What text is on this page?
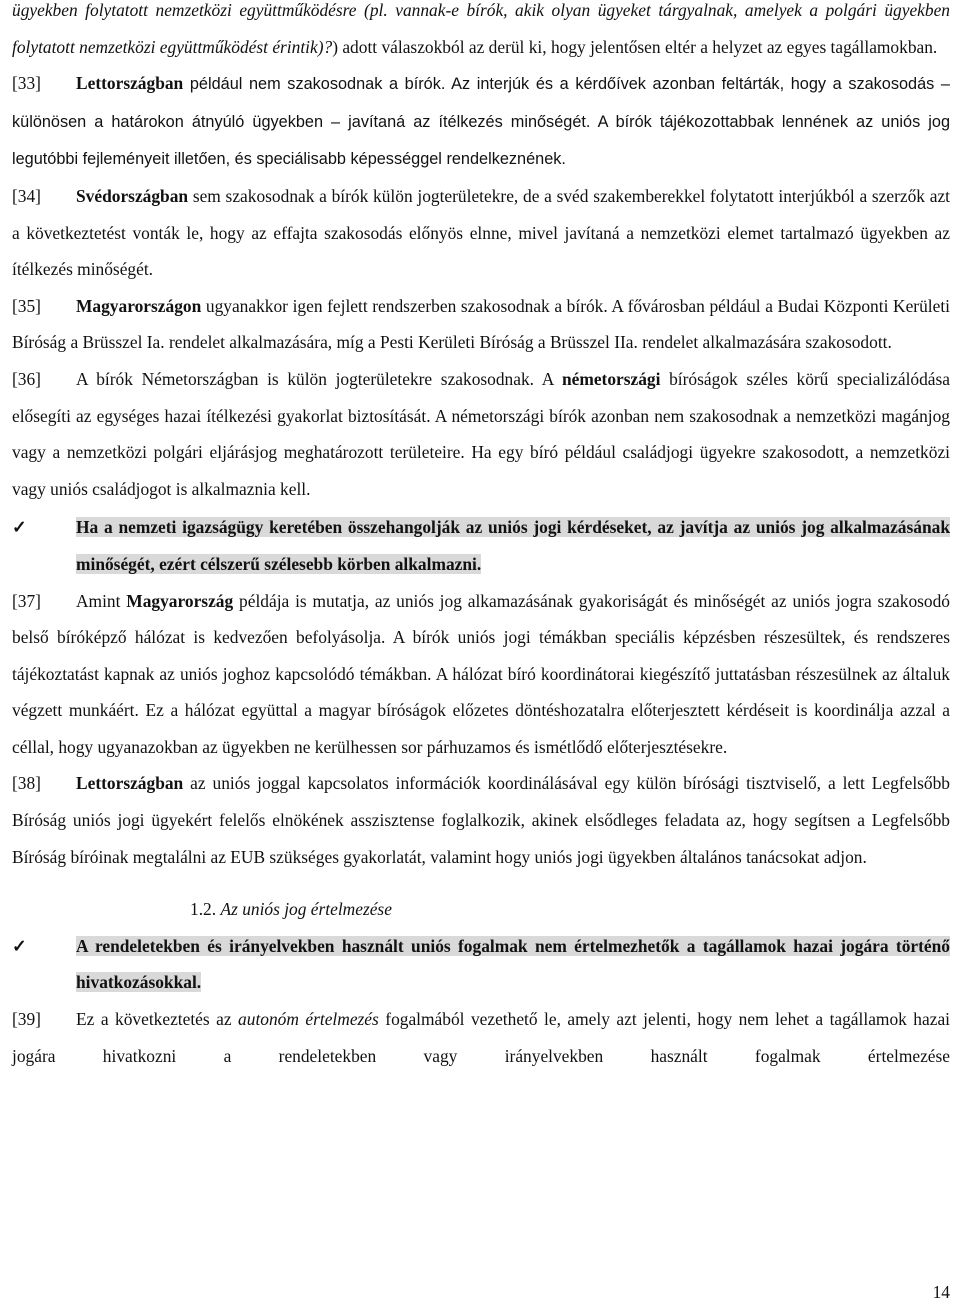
ügyekben folytatott nemzetközi együttműködésre (pl. vannak-e bírók, akik olyan ügyeket tárgyalnak, amelyek a polgári ügyekben folytatott nemzetközi együttműködést érintik)?) adott válaszokból az derül ki, hogy jelentősen eltér a helyzet az egyes tagállamokban.

[33] Lettországban például nem szakosodnak a bírók. Az interjúk és a kérdőívek azonban feltárták, hogy a szakosodás – különösen a határokon átnyúló ügyekben – javítaná az ítélkezés minőségét. A bírók tájékozottabbak lennének az uniós jog legutóbbi fejleményeit illetően, és speciálisabb képességgel rendelkeznének.

[34] Svédországban sem szakosodnak a bírók külön jogterületekre, de a svéd szakemberekkel folytatott interjúkból a szerzők azt a következtetést vonták le, hogy az effajta szakosodás előnyös elnne, mivel javítaná a nemzetközi elemet tartalmazó ügyekben az ítélkezés minőségét.

[35] Magyarországon ugyanakkor igen fejlett rendszerben szakosodnak a bírók. A fővárosban például a Budai Központi Kerületi Bíróság a Brüsszel Ia. rendelet alkalmazására, míg a Pesti Kerületi Bíróság a Brüsszel IIa. rendelet alkalmazására szakosodott.

[36] A bírók Németországban is külön jogterületekre szakosodnak. A németországi bíróságok széles körű specializálódása elősegíti az egységes hazai ítélkezési gyakorlat biztosítását. A németországi bírók azonban nem szakosodnak a nemzetközi magánjog vagy a nemzetközi polgári eljárásjog meghatározott területeire. Ha egy bíró például családjogi ügyekre szakosodott, a nemzetközi vagy uniós családjogot is alkalmaznia kell.

✓	Ha a nemzeti igazságügy keretében összehangolják az uniós jogi kérdéseket, az javítja az uniós jog alkalmazásának minőségét, ezért célszerű szélesebb körben alkalmazni.

[37] Amint Magyarország példája is mutatja, az uniós jog alkamazásának gyakoriságát és minőségét az uniós jogra szakosodó belső bíróképző hálózat is kedvezően befolyásolja. A bírók uniós jogi témákban speciális képzésben részesültek, és rendszeres tájékoztatást kapnak az uniós joghoz kapcsolódó témákban. A hálózat bíró koordinátorai kiegészítő juttatásban részesülnek az általuk végzett munkáért. Ez a hálózat együttal a magyar bíróságok előzetes döntéshozatalra előterjesztett kérdéseit is koordinálja azzal a céllal, hogy ugyanazokban az ügyekben ne kerülhessen sor párhuzamos és ismétlődő előterjesztésekre.

[38] Lettországban az uniós joggal kapcsolatos információk koordinálásával egy külön bírósági tisztviselő, a lett Legfelsőbb Bíróság uniós jogi ügyekért felelős elnökének asszisztense foglalkozik, akinek elsődleges feladata az, hogy segítsen a Legfelsőbb Bíróság bíróinak megtalálni az EUB szükséges gyakorlatát, valamint hogy uniós jogi ügyekben általános tanácsokat adjon.

1.2. Az uniós jog értelmezése

✓	A rendeletekben és irányelvekben használt uniós fogalmak nem értelmezhetők a tagállamok hazai jogára történő hivatkozásokkal.

[39] Ez a következtetés az autonóm értelmezés fogalmából vezethető le, amely azt jelenti, hogy nem lehet a tagállamok hazai jogára hivatkozni a rendeletekben vagy irányelvekben használt fogalmak értelmezése

14
